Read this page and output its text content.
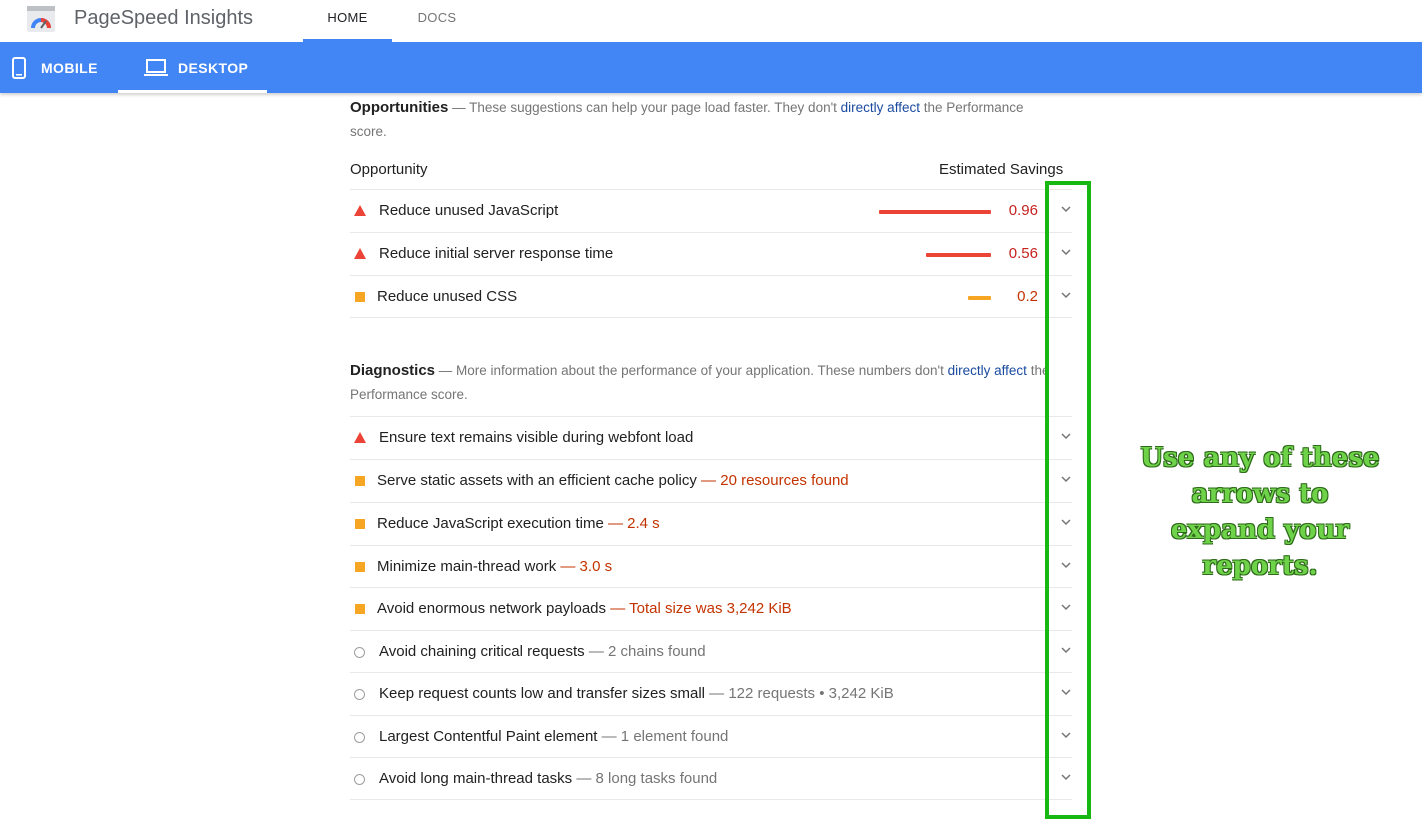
PageSpeed Insights	HOME	DOCS
MOBILE	DESKTOP
Opportunities — These suggestions can help your page load faster. They don't directly affect the Performance score.
Opportunity	Estimated Savings
Reduce unused JavaScript	0.96
Reduce initial server response time	0.56
Reduce unused CSS	0.2
Diagnostics — More information about the performance of your application. These numbers don't directly affect the Performance score.
Ensure text remains visible during webfont load
Serve static assets with an efficient cache policy — 20 resources found
Reduce JavaScript execution time — 2.4 s
Minimize main-thread work — 3.0 s
Avoid enormous network payloads — Total size was 3,242 KiB
Avoid chaining critical requests — 2 chains found
Keep request counts low and transfer sizes small — 122 requests • 3,242 KiB
Largest Contentful Paint element — 1 element found
Avoid long main-thread tasks — 8 long tasks found
Use any of these arrows to expand your reports.
